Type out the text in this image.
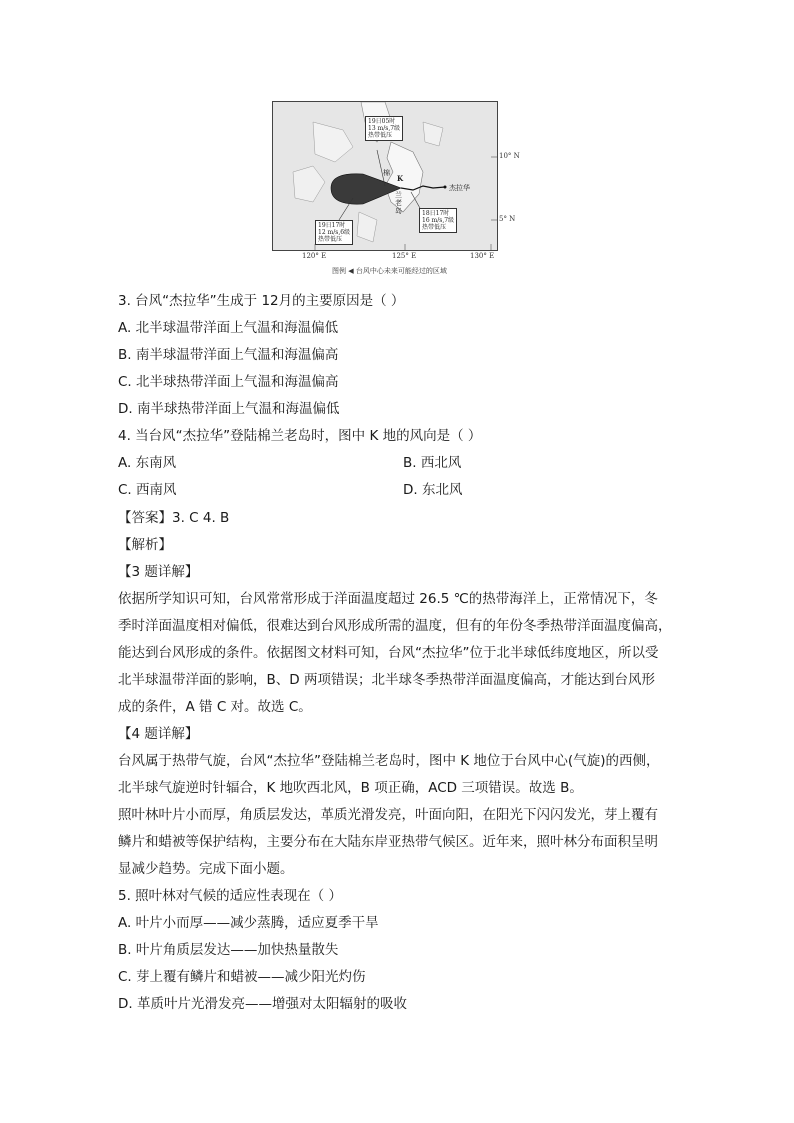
19日05时
13 m/s,7级
热带低压
19日17时
12 m/s,6级
热带低压
18日17时
16 m/s,7级
热带低压
K
棉
兰
老
岛
杰拉华
10° N
5° N
120° E	125° E	130° E
图例 ◀ 台风中心未来可能经过的区域
3. 台风“杰拉华”生成于 12月的主要原因是（ ）
A. 北半球温带洋面上气温和海温偏低
B. 南半球温带洋面上气温和海温偏高
C. 北半球热带洋面上气温和海温偏高
D. 南半球热带洋面上气温和海温偏低
4. 当台风“杰拉华”登陆棉兰老岛时，图中 K 地的风向是（ ）
A. 东南风	B. 西北风
C. 西南风	D. 东北风
【答案】3. C 4. B
【解析】
【3 题详解】
依据所学知识可知，台风常常形成于洋面温度超过 26.5 ℃的热带海洋上，正常情况下，冬
季时洋面温度相对偏低，很难达到台风形成所需的温度，但有的年份冬季热带洋面温度偏高，
能达到台风形成的条件。依据图文材料可知，台风“杰拉华”位于北半球低纬度地区，所以受
北半球温带洋面的影响，B、D 两项错误；北半球冬季热带洋面温度偏高，才能达到台风形
成的条件，A 错 C 对。故选 C。
【4 题详解】
台风属于热带气旋，台风“杰拉华”登陆棉兰老岛时，图中 K 地位于台风中心(气旋)的西侧，
北半球气旋逆时针辐合，K 地吹西北风，B 项正确，ACD 三项错误。故选 B。
照叶林叶片小而厚，角质层发达，革质光滑发亮，叶面向阳，在阳光下闪闪发光，芽上覆有
鳞片和蜡被等保护结构，主要分布在大陆东岸亚热带气候区。近年来，照叶林分布面积呈明
显减少趋势。完成下面小题。
5. 照叶林对气候的适应性表现在（ ）
A. 叶片小而厚——减少蒸腾，适应夏季干旱
B. 叶片角质层发达——加快热量散失
C. 芽上覆有鳞片和蜡被——减少阳光灼伤
D. 革质叶片光滑发亮——增强对太阳辐射的吸收
